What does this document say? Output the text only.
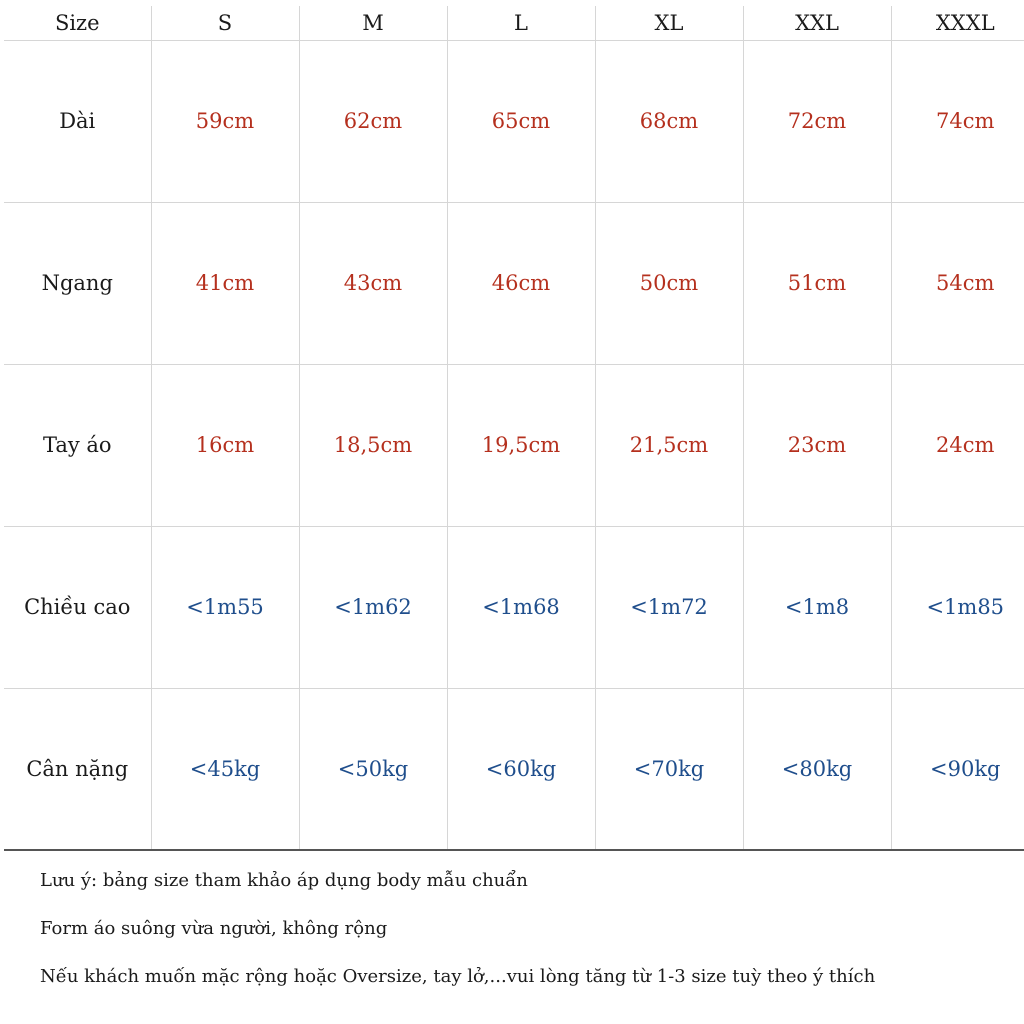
Size	S	M	L	XL	XXL	XXXL
Dài	59cm	62cm	65cm	68cm	72cm	74cm
Ngang	41cm	43cm	46cm	50cm	51cm	54cm
Tay áo	16cm	18,5cm	19,5cm	21,5cm	23cm	24cm
Chiều cao	<1m55	<1m62	<1m68	<1m72	<1m8	<1m85
Cân nặng	<45kg	<50kg	<60kg	<70kg	<80kg	<90kg

Lưu ý: bảng size tham khảo áp dụng body mẫu chuẩn

Form áo suông vừa người, không rộng

Nếu khách muốn mặc rộng hoặc Oversize, tay lở,...vui lòng tăng từ 1-3 size tuỳ theo ý thích
